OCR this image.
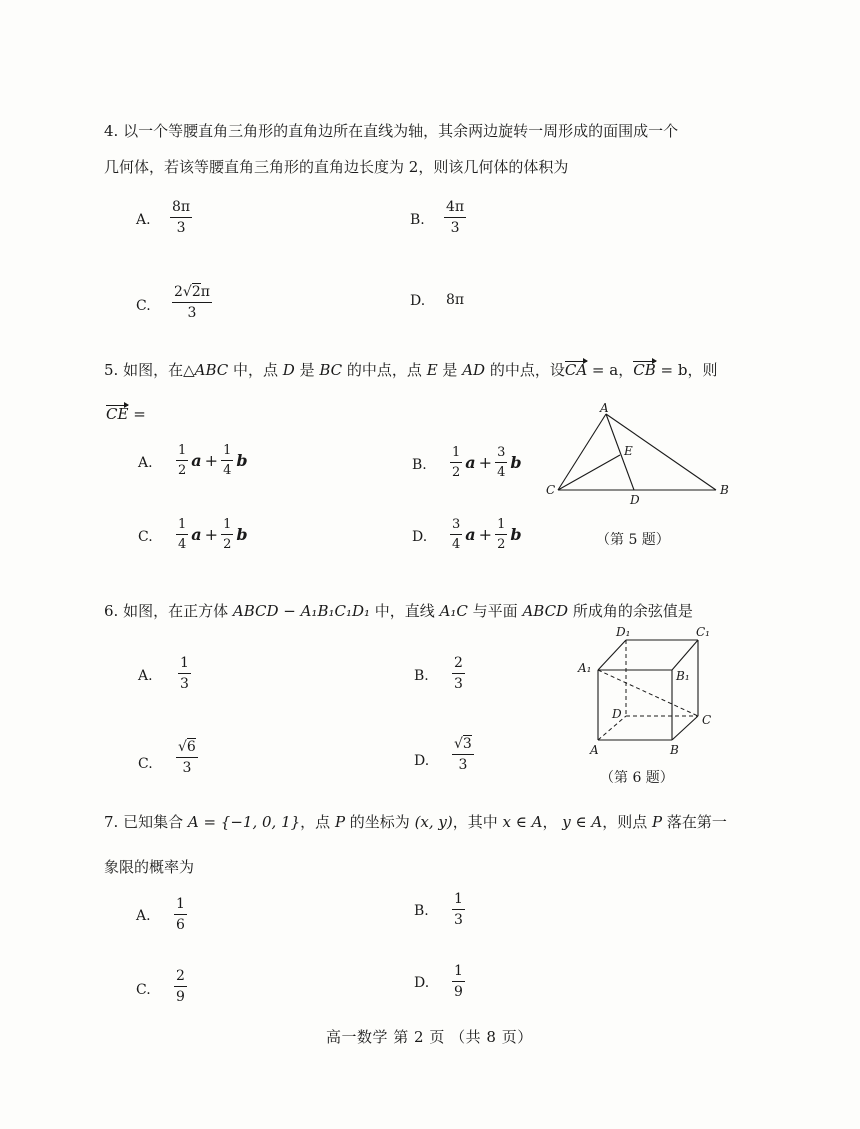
4. 以一个等腰直角三角形的直角边所在直线为轴，其余两边旋转一周形成的面围成一个
几何体，若该等腰直角三角形的直角边长度为 2，则该几何体的体积为
A. $\frac{8\pi}{3}$	B. $\frac{4\pi}{3}$
C. $\frac{2√2\pi}{3}$	D. 8π
5. 如图，在△ABC 中，点 D 是 BC 的中点，点 E 是 AD 的中点，设CA = a，CB = b，则
CE =
A. $\frac{1}{2}$ $a + \frac{1}{4}$ b	B. $\frac{1}{2}$ $a + \frac{3}{4}$ b
C. $\frac{1}{4}$ $a + \frac{1}{2}$ b	D. $\frac{3}{4}$ $a + \frac{1}{2}$ b
A
B
C
D
E
（第 5 题）
6. 如图，在正方体 ABCD − A₁B₁C₁D₁ 中，直线 A₁C 与平面 ABCD 所成角的余弦值是
A. $\frac{1}{3}$	B. $\frac{2}{3}$
C. $\frac{√6}{3}$	D. $\frac{√3}{3}$
D₁	C₁
A₁
B₁
D	C
A	B
（第 6 题）
7. 已知集合 A = {−1, 0, 1}，点 P 的坐标为 (x, y)，其中 x ∈ A， y ∈ A，则点 P 落在第一
象限的概率为
A. $\frac{1}{6}$	B. $\frac{1}{3}$
C. $\frac{2}{9}$	D. $\frac{1}{9}$
高一数学 第 2 页 （共 8 页）
